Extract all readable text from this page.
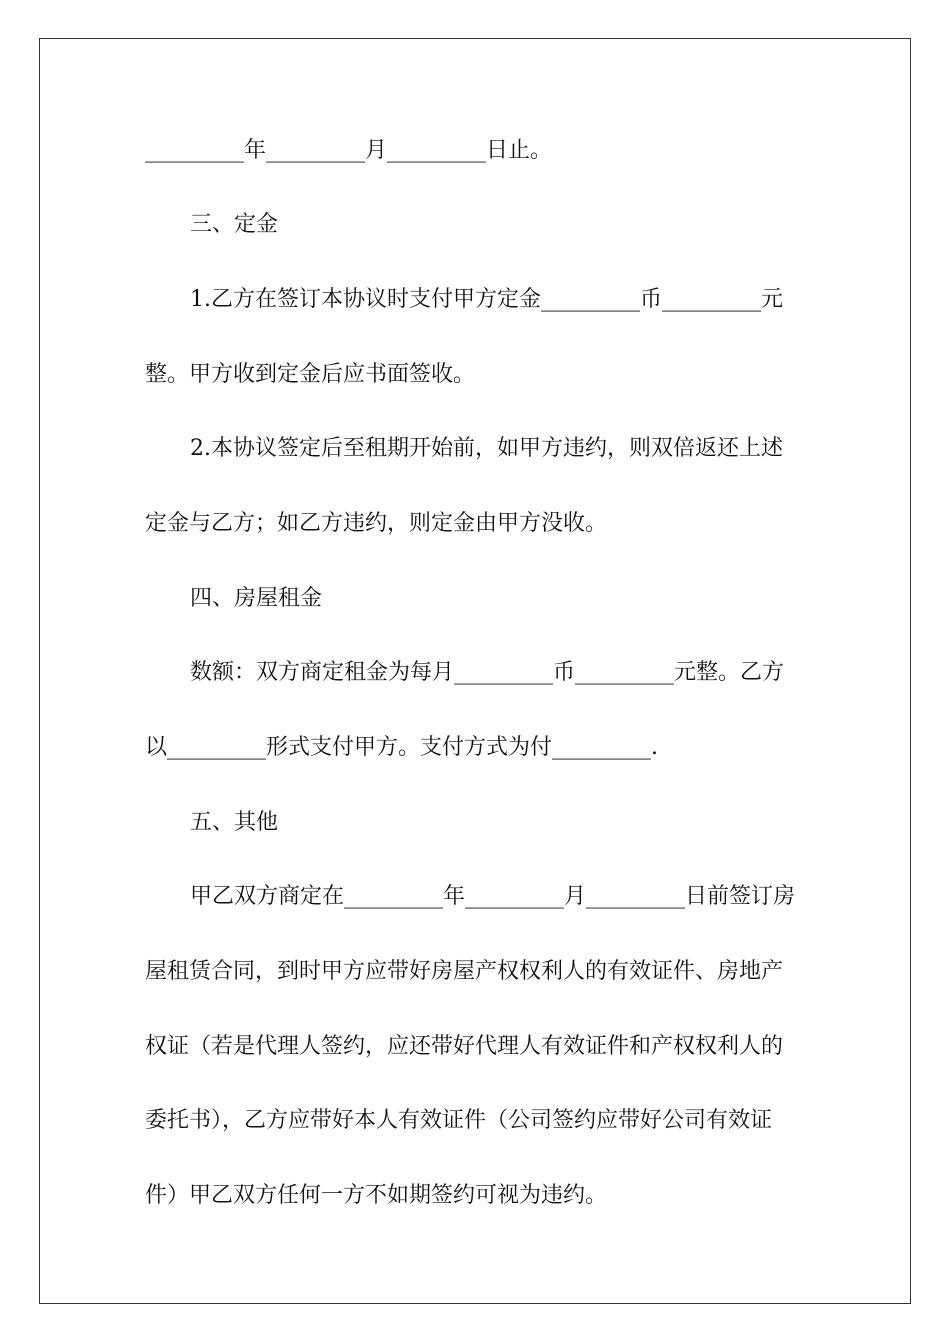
_________年_________月_________日止。
三、定金
1.乙方在签订本协议时支付甲方定金_________币_________元
整。甲方收到定金后应书面签收。
2.本协议签定后至租期开始前，如甲方违约，则双倍返还上述
定金与乙方；如乙方违约，则定金由甲方没收。
四、房屋租金
数额：双方商定租金为每月_________币_________元整。乙方
以_________形式支付甲方。支付方式为付_________.
五、其他
甲乙双方商定在_________年_________月_________日前签订房
屋租赁合同，到时甲方应带好房屋产权权利人的有效证件、房地产
权证（若是代理人签约，应还带好代理人有效证件和产权权利人的
委托书），乙方应带好本人有效证件（公司签约应带好公司有效证
件）甲乙双方任何一方不如期签约可视为违约。
